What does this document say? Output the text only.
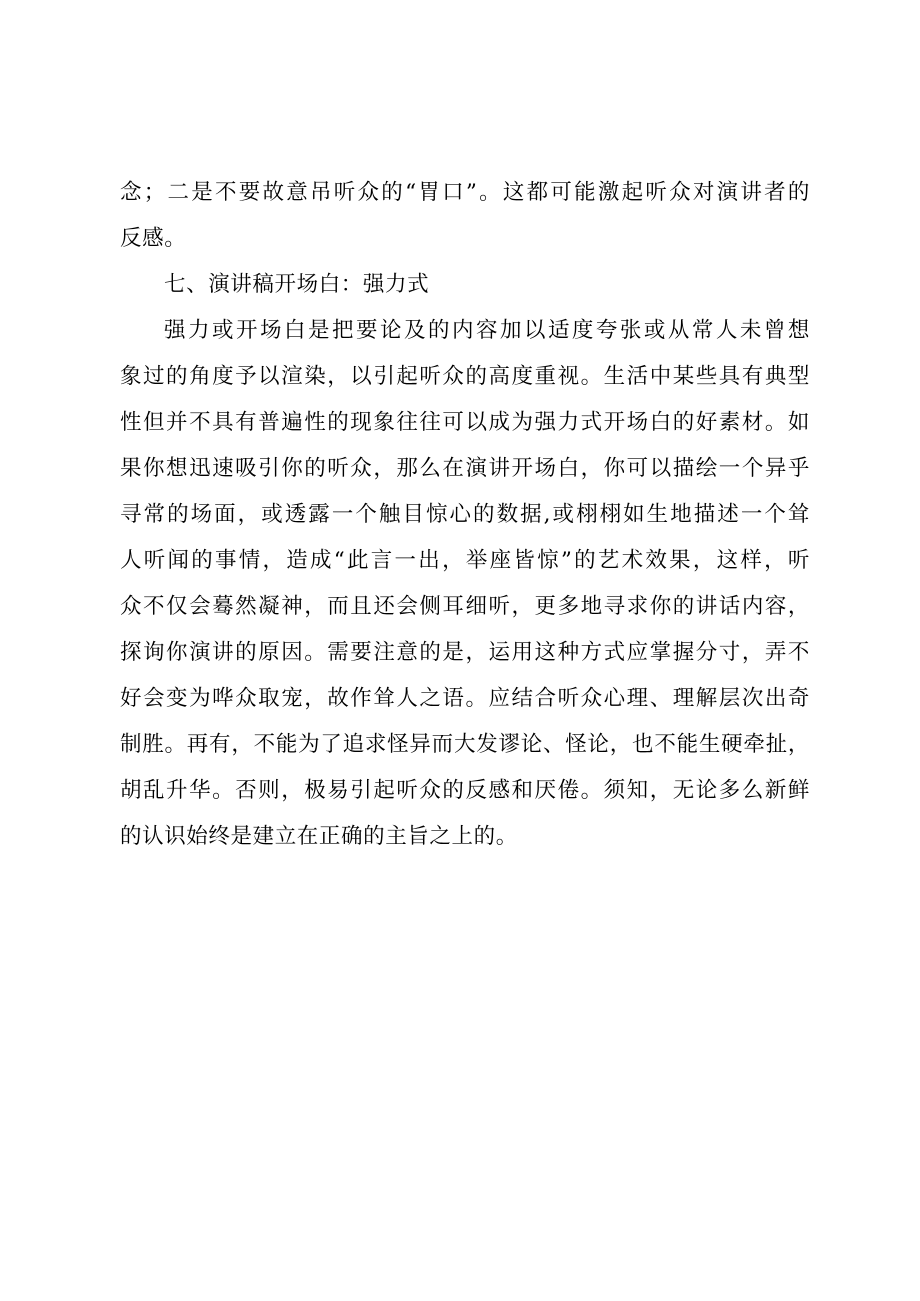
念；二是不要故意吊听众的“胃口”。这都可能激起听众对演讲者的
反感。
七、演讲稿开场白：强力式
强力或开场白是把要论及的内容加以适度夸张或从常人未曾想
象过的角度予以渲染，以引起听众的高度重视。生活中某些具有典型
性但并不具有普遍性的现象往往可以成为强力式开场白的好素材。如
果你想迅速吸引你的听众，那么在演讲开场白，你可以描绘一个异乎
寻常的场面，或透露一个触目惊心的数据,或栩栩如生地描述一个耸
人听闻的事情，造成“此言一出，举座皆惊”的艺术效果，这样，听
众不仅会蓦然凝神，而且还会侧耳细听，更多地寻求你的讲话内容，
探询你演讲的原因。需要注意的是，运用这种方式应掌握分寸，弄不
好会变为哗众取宠，故作耸人之语。应结合听众心理、理解层次出奇
制胜。再有，不能为了追求怪异而大发谬论、怪论，也不能生硬牵扯，
胡乱升华。否则，极易引起听众的反感和厌倦。须知，无论多么新鲜
的认识始终是建立在正确的主旨之上的。
